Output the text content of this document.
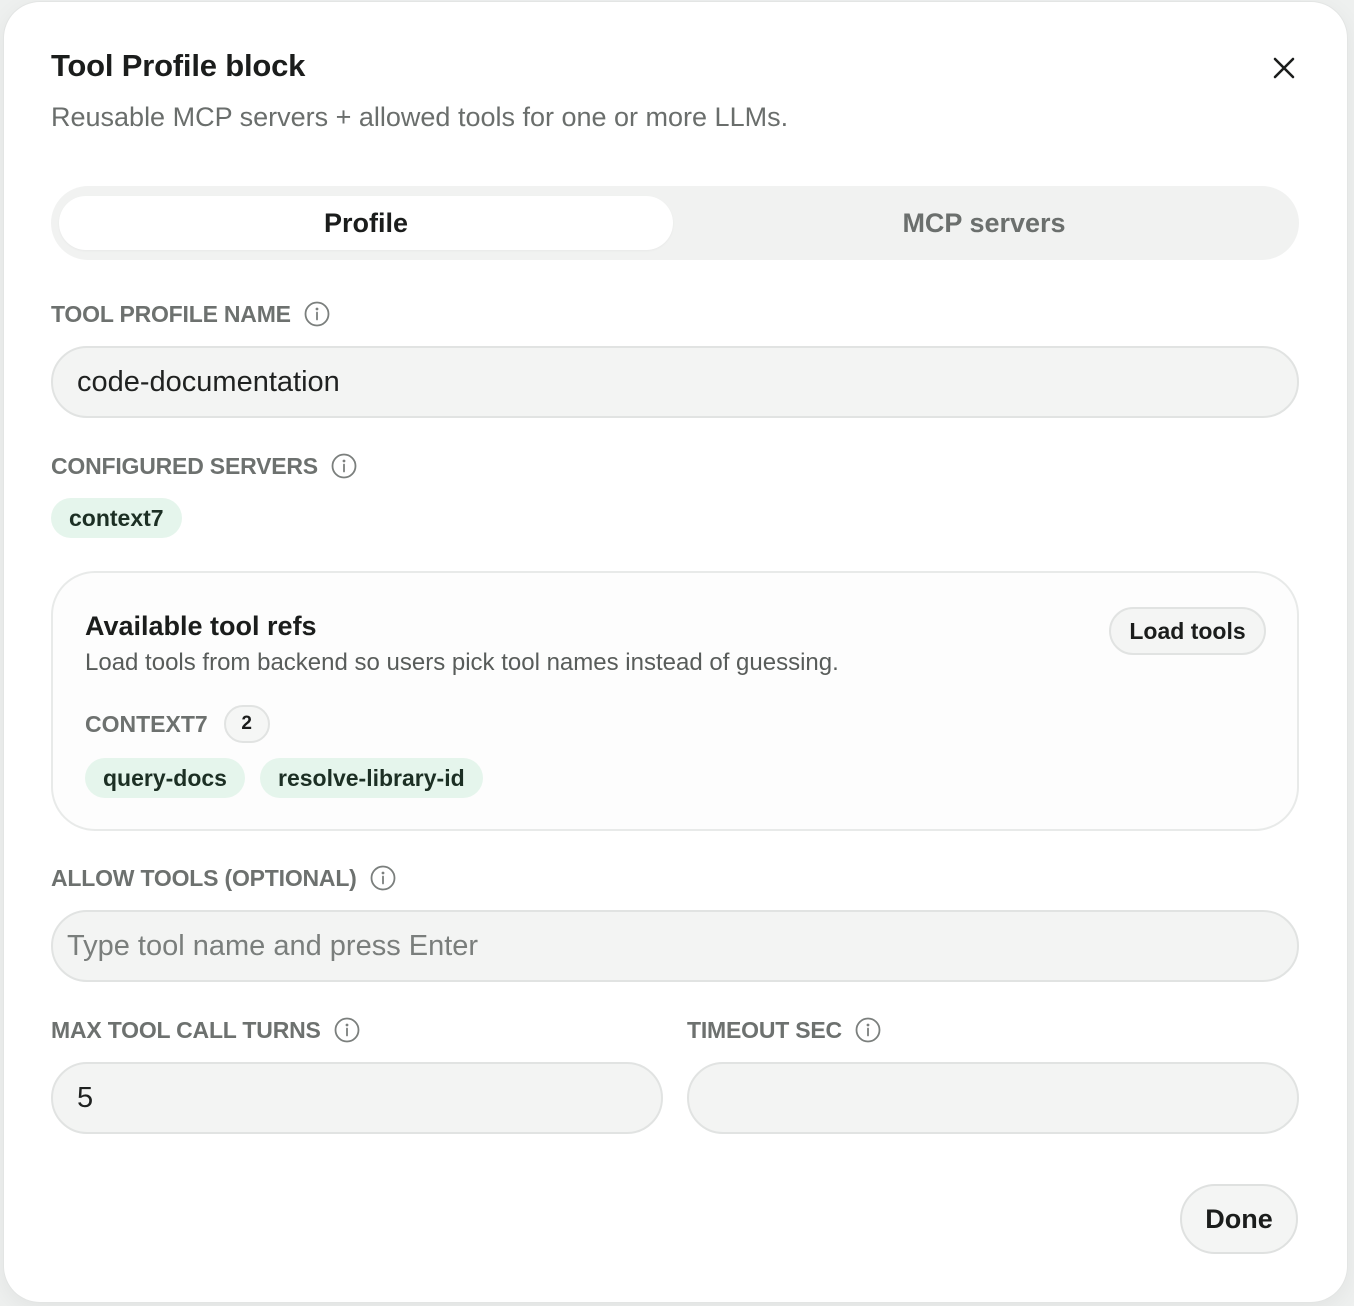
Tool Profile block
Reusable MCP servers + allowed tools for one or more LLMs.
Profile	MCP servers
TOOL PROFILE NAME
code-documentation
CONFIGURED SERVERS
context7
Available tool refs
Load tools from backend so users pick tool names instead of guessing.
Load tools
CONTEXT7	2
query-docs	resolve-library-id
ALLOW TOOLS (OPTIONAL)
Type tool name and press Enter
MAX TOOL CALL TURNS
5
TIMEOUT SEC
Done
